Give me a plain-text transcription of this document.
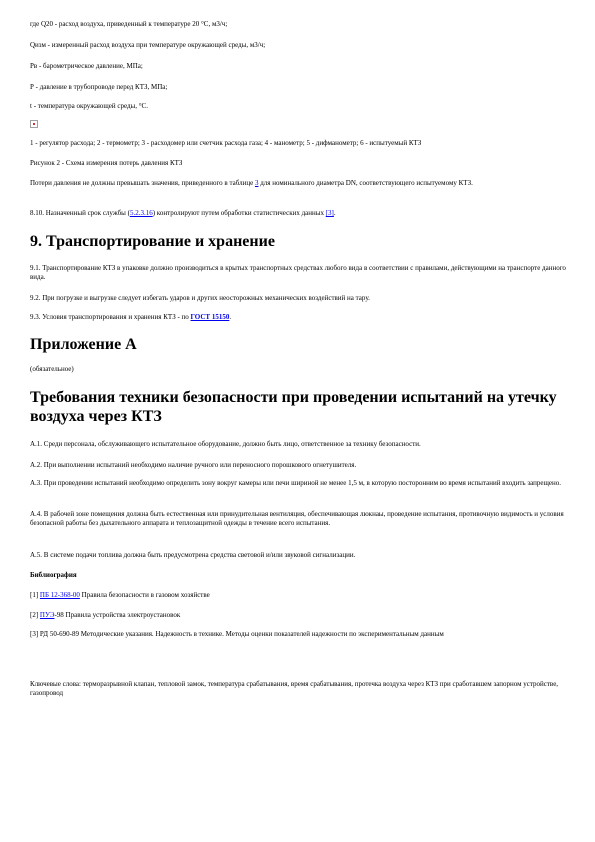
где Q20 - расход воздуха, приведенный к температуре 20 °С, м3/ч;

Qизм - измеренный расход воздуха при температуре окружающей среды, м3/ч;

Рв - барометрическое давление, МПа;

Р - давление в трубопроводе перед КТЗ, МПа;

t - температура окружающей среды, °С.

1 - регулятор расхода; 2 - термометр; 3 - расходомер или счетчик расхода газа; 4 - манометр; 5 - дифманометр; 6 - испытуемый КТЗ

Рисунок 2 - Схема измерения потерь давления КТЗ

Потери давления не должны превышать значения, приведенного в таблице 3 для номинального диаметра DN, соответствующего испытуемому КТЗ.

8.10. Назначенный срок службы (5.2.3.16) контролируют путем обработки статистических данных [3].

9. Транспортирование и хранение

9.1. Транспортирование КТЗ в упаковке должно производиться в крытых транспортных средствах любого вида в соответствии с правилами, действующими на транспорте данного вида.

9.2. При погрузке и выгрузке следует избегать ударов и других неосторожных механических воздействий на тару.

9.3. Условия транспортирования и хранения КТЗ - по ГОСТ 15150.

Приложение А

(обязательное)

Требования техники безопасности при проведении испытаний на утечку воздуха через КТЗ

А.1. Среди персонала, обслуживающего испытательное оборудование, должно быть лицо, ответственное за технику безопасности.

А.2. При выполнении испытаний необходимо наличие ручного или переносного порошкового огнетушителя.

А.3. При проведении испытаний необходимо определить зону вокруг камеры или печи шириной не менее 1,5 м, в которую посторонним во время испытаний входить запрещено.

А.4. В рабочей зоне помещения должна быть естественная или принудительная вентиляция, обеспечивающая люкнаы, проведение испытания, противочную видимость и условия безопасной работы без дыхательного аппарата и теплозащитной одежды в течение всего испытания.

А.5. В системе подачи топлива должна быть предусмотрена средства световой и/или звуковой сигнализации.

Библиография

[1] ПБ 12-368-00 Правила безопасности в газовом хозяйстве

[2] ПУЭ-98 Правила устройства электроустановок

[3] РД 50-690-89 Методические указания. Надежность в технике. Методы оценки показателей надежности по экспериментальным данным

Ключевые слова: терморазрывной клапан, тепловой замок, температура срабатывания, время срабатывания, протечка воздуха через КТЗ при сработавшем запорном устройстве, газопровод
